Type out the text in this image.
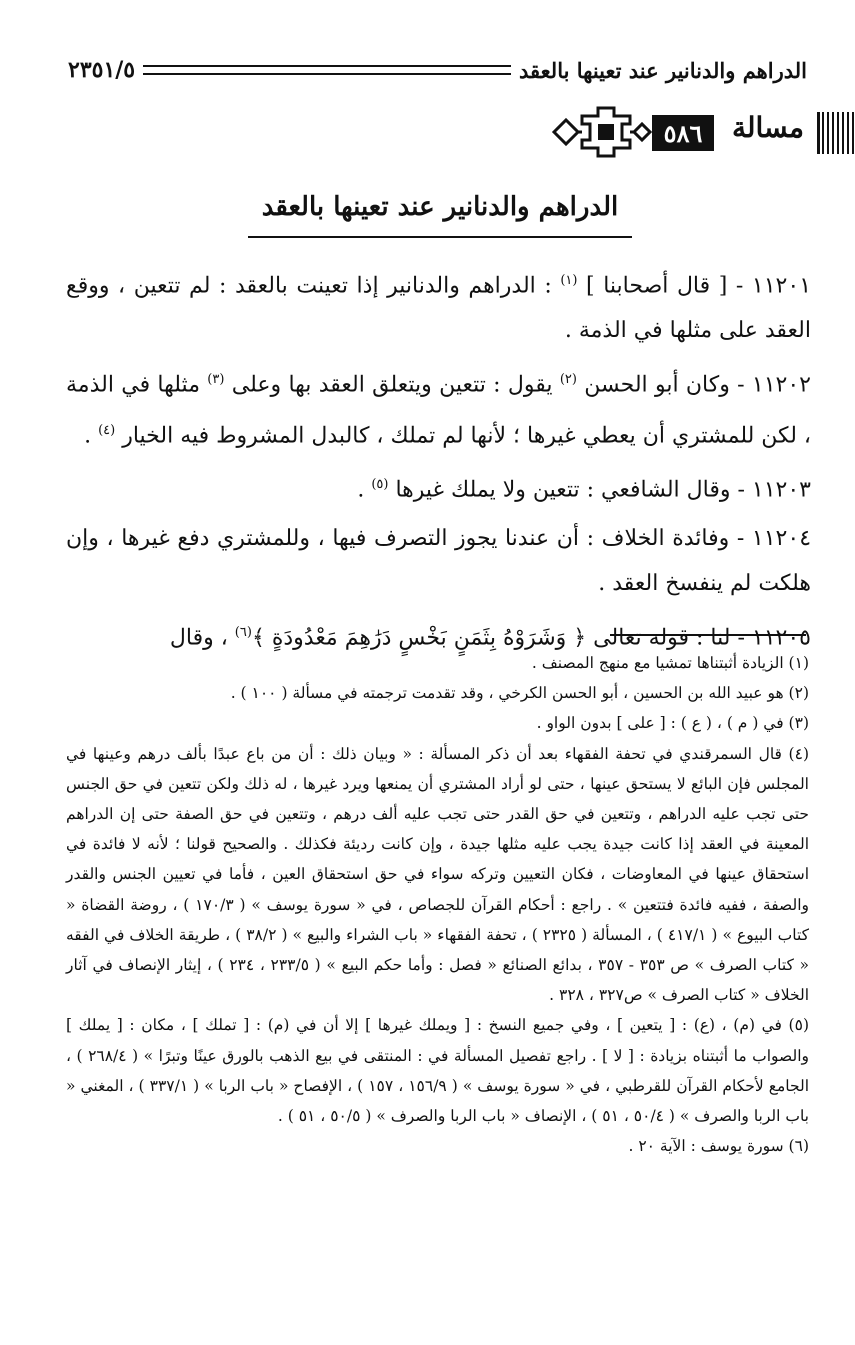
الدراهم والدنانير عند تعينها بالعقد
٢٣٥١/٥
مسالة
٥٨٦
الدراهم والدنانير عند تعينها بالعقد

١١٢٠١ - [ قال أصحابنا ] $^{(١)}$ : الدراهم والدنانير إذا تعينت بالعقد : لم تتعين ، ووقع العقد على مثلها في الذمة .

١١٢٠٢ - وكان أبو الحسن $^{(٢)}$ يقول : تتعين ويتعلق العقد بها وعلى $^{(٣)}$ مثلها في الذمة ، لكن للمشتري أن يعطي غيرها ؛ لأنها لم تملك ، كالبدل المشروط فيه الخيار $^{(٤)}$ .

١١٢٠٣ - وقال الشافعي : تتعين ولا يملك غيرها $^{(٥)}$ .

١١٢٠٤ - وفائدة الخلاف : أن عندنا يجوز التصرف فيها ، وللمشتري دفع غيرها ، وإن هلكت لم ينفسخ العقد .

١١٢٠٥ - لنا : قوله تعالى ﴿ وَشَرَوْهُ بِثَمَنٍ بَخْسٍ دَرَٰهِمَ مَعْدُودَةٍ ﴾$^{(٦)}$ ، وقال

(١) الزيادة أثبتناها تمشيا مع منهج المصنف .

(٢) هو عبيد الله بن الحسين ، أبو الحسن الكرخي ، وقد تقدمت ترجمته في مسألة ( ١٠٠ ) .

(٣) في ( م ) ، ( ع ) : [ على ] بدون الواو .

(٤) قال السمرقندي في تحفة الفقهاء بعد أن ذكر المسألة : « وبيان ذلك : أن من باع عبدًا بألف درهم وعينها في المجلس فإن البائع لا يستحق عينها ، حتى لو أراد المشتري أن يمنعها ويرد غيرها ، له ذلك ولكن تتعين في حق الجنس حتى تجب عليه الدراهم ، وتتعين في حق القدر حتى تجب عليه ألف درهم ، وتتعين في حق الصفة حتى إن الدراهم المعينة في العقد إذا كانت جيدة يجب عليه مثلها جيدة ، وإن كانت رديئة فكذلك . والصحيح قولنا ؛ لأنه لا فائدة في استحقاق عينها في المعاوضات ، فكان التعيين وتركه سواء في حق استحقاق العين ، فأما في تعيين الجنس والقدر والصفة ، ففيه فائدة فتتعين » . راجع : أحكام القرآن للجصاص ، في « سورة يوسف » ( ١٧٠/٣ ) ، روضة القضاة « كتاب البيوع » ( ٤١٧/١ ) ، المسألة ( ٢٣٢٥ ) ، تحفة الفقهاء « باب الشراء والبيع » ( ٣٨/٢ ) ، طريقة الخلاف في الفقه « كتاب الصرف » ص ٣٥٣ - ٣٥٧ ، بدائع الصنائع « فصل : وأما حكم البيع » ( ٢٣٣/٥ ، ٢٣٤ ) ، إيثار الإنصاف في آثار الخلاف « كتاب الصرف » ص٣٢٧ ، ٣٢٨ .

(٥) في (م) ، (ع) : [ يتعين ] ، وفي جميع النسخ : [ ويملك غيرها ] إلا أن في (م) : [ تملك ] ، مكان : [ يملك ] والصواب ما أثبتناه بزيادة : [ لا ] . راجع تفصيل المسألة في : المنتقى في بيع الذهب بالورق عينًا وتبرًا » ( ٢٦٨/٤ ) ، الجامع لأحكام القرآن للقرطبي ، في « سورة يوسف » ( ١٥٦/٩ ، ١٥٧ ) ، الإفصاح « باب الربا » ( ٣٣٧/١ ) ، المغني « باب الربا والصرف » ( ٥٠/٤ ، ٥١ ) ، الإنصاف « باب الربا والصرف » ( ٥٠/٥ ، ٥١ ) .

(٦) سورة يوسف : الآية ٢٠ .
